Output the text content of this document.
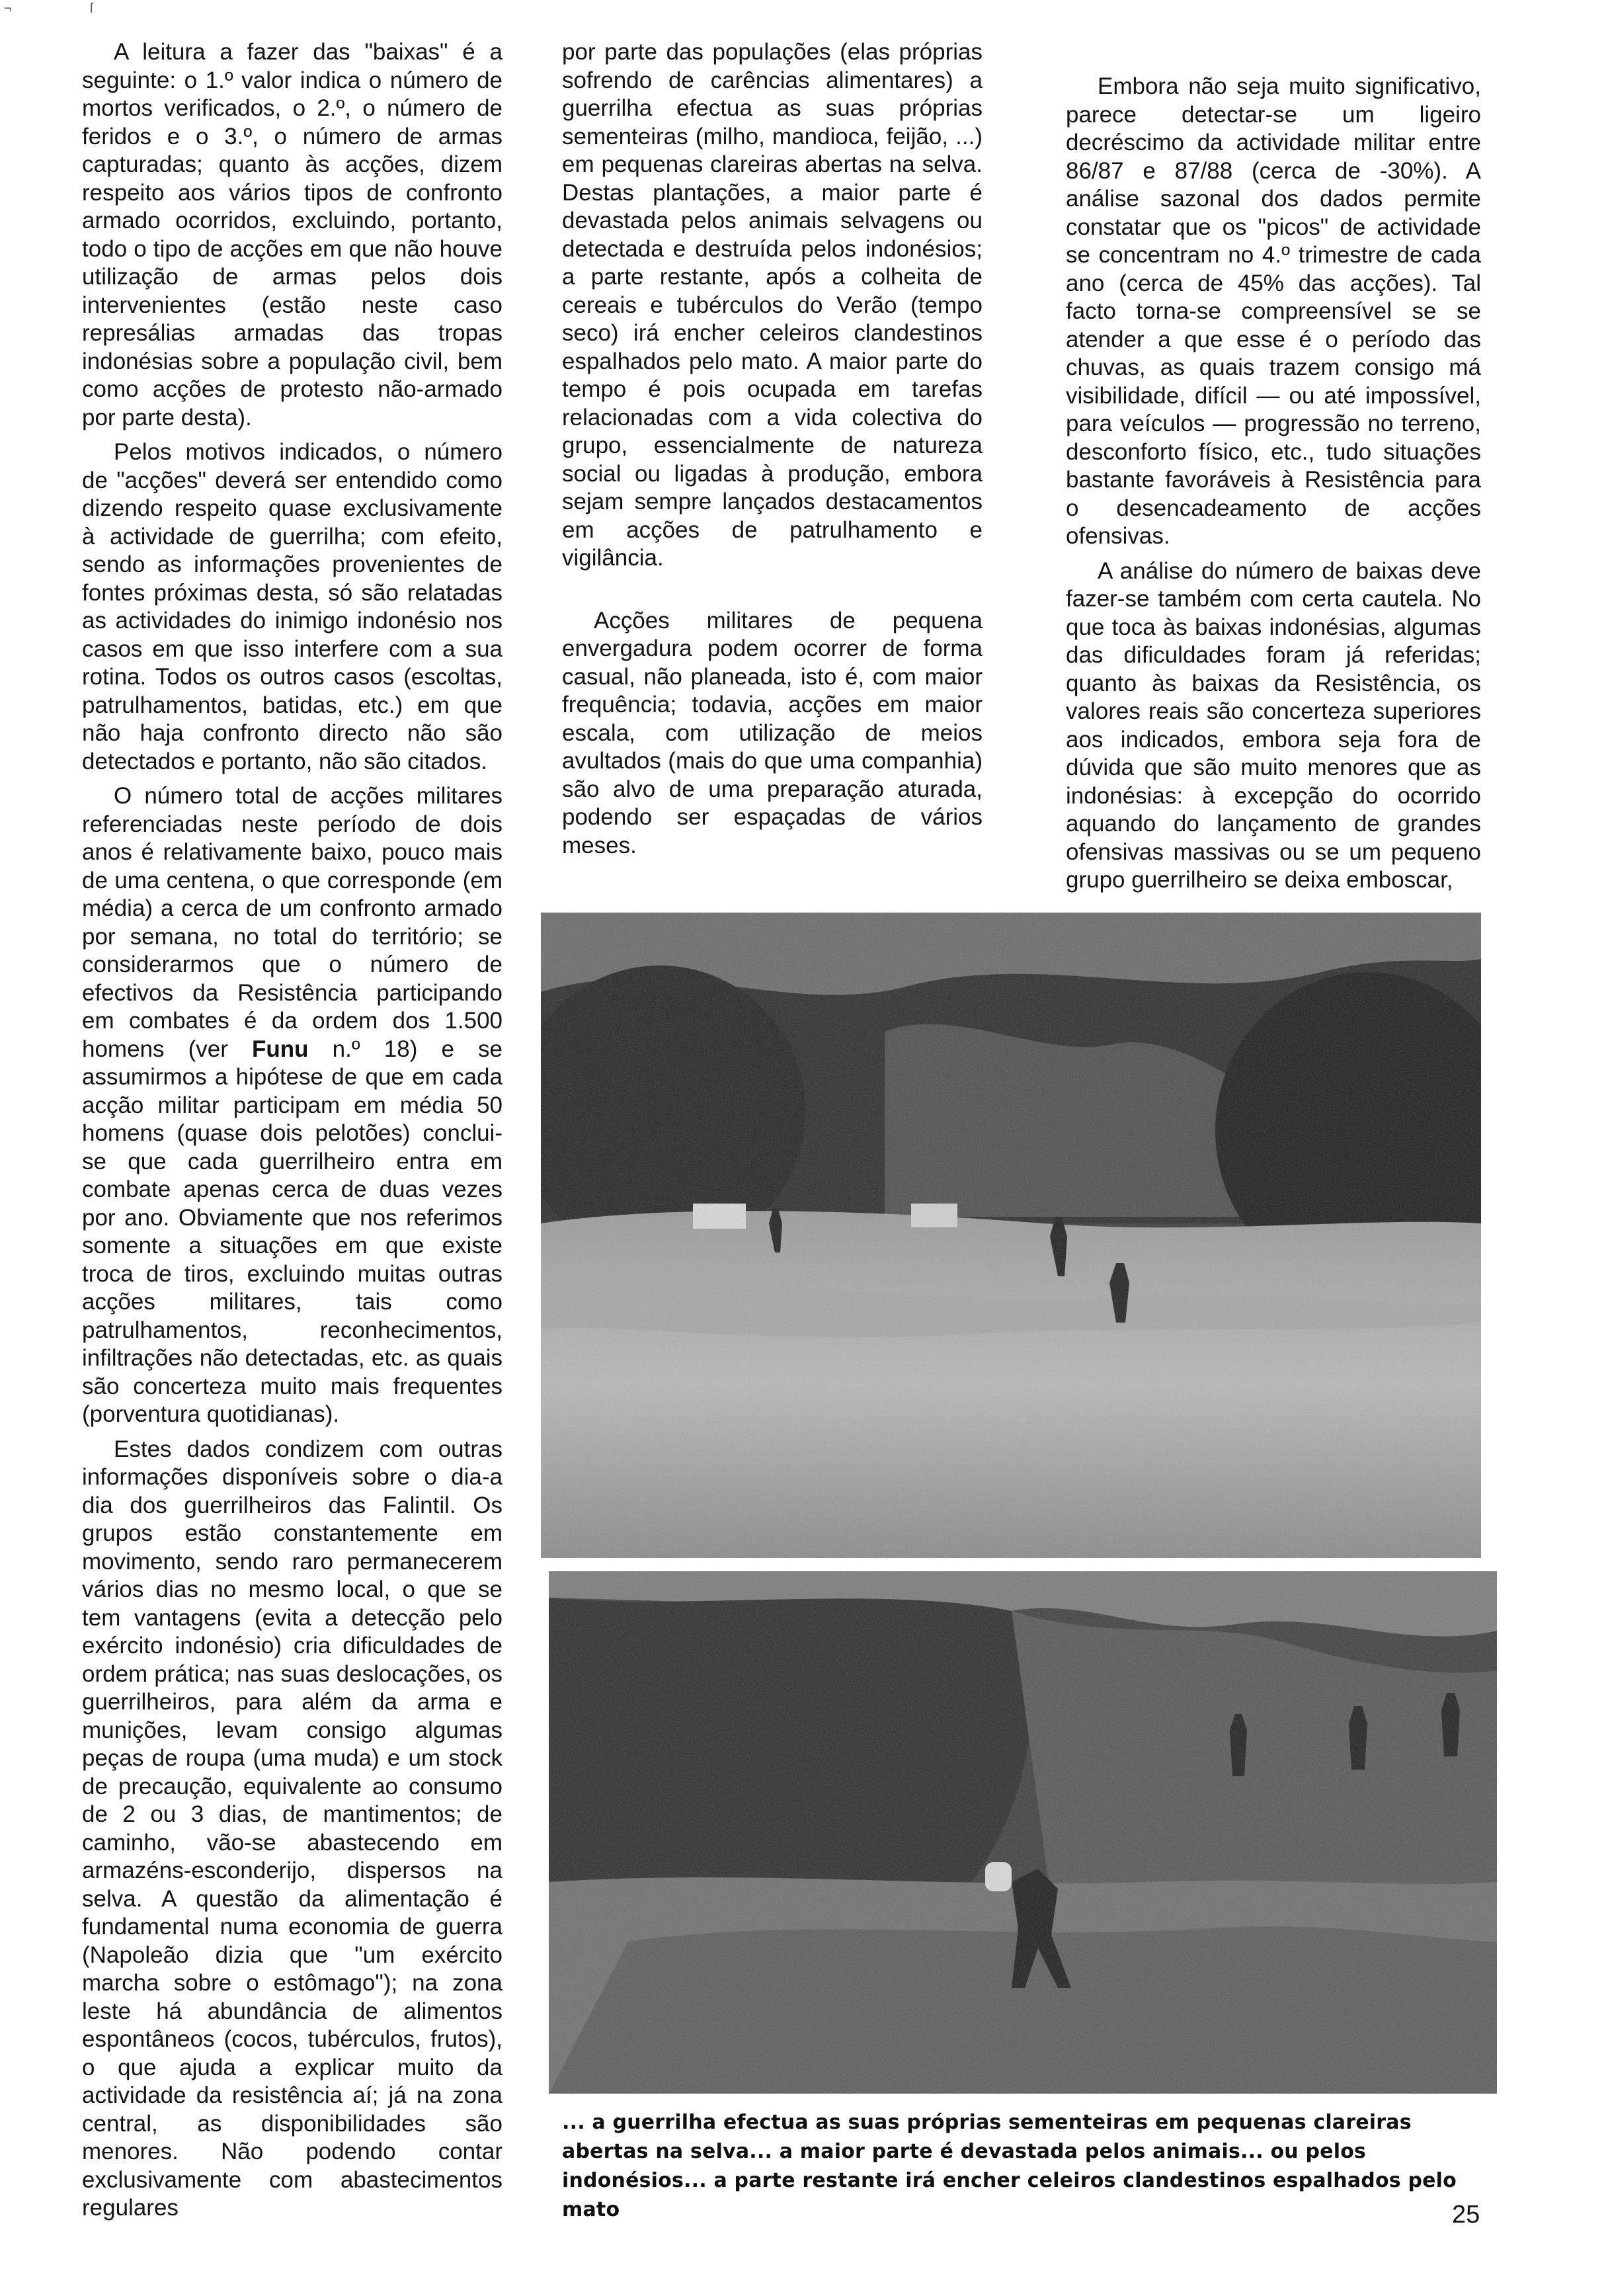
¬	ſ

A leitura a fazer das "baixas" é a seguinte: o 1.º valor indica o número de mortos verificados, o 2.º, o número de feridos e o 3.º, o número de armas capturadas; quanto às acções, dizem respeito aos vários tipos de confronto armado ocorridos, excluindo, portanto, todo o tipo de acções em que não houve utilização de armas pelos dois intervenientes (estão neste caso represálias armadas das tropas indonésias sobre a população civil, bem como acções de protesto não-armado por parte desta).

Pelos motivos indicados, o número de "acções" deverá ser entendido como dizendo respeito quase exclusivamente à actividade de guerrilha; com efeito, sendo as informações provenientes de fontes próximas desta, só são relatadas as actividades do inimigo indonésio nos casos em que isso interfere com a sua rotina. Todos os outros casos (escoltas, patrulhamentos, batidas, etc.) em que não haja confronto directo não são detectados e portanto, não são citados.

O número total de acções militares referenciadas neste período de dois anos é relativamente baixo, pouco mais de uma centena, o que corresponde (em média) a cerca de um confronto armado por semana, no total do território; se considerarmos que o número de efectivos da Resistência participando em combates é da ordem dos 1.500 homens (ver Funu n.º 18) e se assumirmos a hipótese de que em cada acção militar participam em média 50 homens (quase dois pelotões) conclui-se que cada guerrilheiro entra em combate apenas cerca de duas vezes por ano. Obviamente que nos referimos somente a situações em que existe troca de tiros, excluindo muitas outras acções militares, tais como patrulhamentos, reconhecimentos, infiltrações não detectadas, etc. as quais são concerteza muito mais frequentes (porventura quotidianas).

Estes dados condizem com outras informações disponíveis sobre o dia-a dia dos guerrilheiros das Falintil. Os grupos estão constantemente em movimento, sendo raro permanecerem vários dias no mesmo local, o que se tem vantagens (evita a detecção pelo exército indonésio) cria dificuldades de ordem prática; nas suas deslocações, os guerrilheiros, para além da arma e munições, levam consigo algumas peças de roupa (uma muda) e um stock de precaução, equivalente ao consumo de 2 ou 3 dias, de mantimentos; de caminho, vão-se abastecendo em armazéns-esconderijo, dispersos na selva. A questão da alimentação é fundamental numa economia de guerra (Napoleão dizia que "um exército marcha sobre o estômago"); na zona leste há abundância de alimentos espontâneos (cocos, tubérculos, frutos), o que ajuda a explicar muito da actividade da resistência aí; já na zona central, as disponibilidades são menores. Não podendo contar exclusivamente com abastecimentos regulares

por parte das populações (elas próprias sofrendo de carências alimentares) a guerrilha efectua as suas próprias sementeiras (milho, mandioca, feijão, ...) em pequenas clareiras abertas na selva. Destas plantações, a maior parte é devastada pelos animais selvagens ou detectada e destruída pelos indonésios; a parte restante, após a colheita de cereais e tubérculos do Verão (tempo seco) irá encher celeiros clandestinos espalhados pelo mato. A maior parte do tempo é pois ocupada em tarefas relacionadas com a vida colectiva do grupo, essencialmente de natureza social ou ligadas à produção, embora sejam sempre lançados destacamentos em acções de patrulhamento e vigilância.

Acções militares de pequena envergadura podem ocorrer de forma casual, não planeada, isto é, com maior frequência; todavia, acções em maior escala, com utilização de meios avultados (mais do que uma companhia) são alvo de uma preparação aturada, podendo ser espaçadas de vários meses.

Embora não seja muito significativo, parece detectar-se um ligeiro decréscimo da actividade militar entre 86/87 e 87/88 (cerca de -30%). A análise sazonal dos dados permite constatar que os "picos" de actividade se concentram no 4.º trimestre de cada ano (cerca de 45% das acções). Tal facto torna-se compreensível se se atender a que esse é o período das chuvas, as quais trazem consigo má visibilidade, difícil — ou até impossível, para veículos — progressão no terreno, desconforto físico, etc., tudo situações bastante favoráveis à Resistência para o desencadeamento de acções ofensivas.

A análise do número de baixas deve fazer-se também com certa cautela. No que toca às baixas indonésias, algumas das dificuldades foram já referidas; quanto às baixas da Resistência, os valores reais são concerteza superiores aos indicados, embora seja fora de dúvida que são muito menores que as indonésias: à excepção do ocorrido aquando do lançamento de grandes ofensivas massivas ou se um pequeno grupo guerrilheiro se deixa emboscar,

... a guerrilha efectua as suas próprias sementeiras em pequenas clareiras abertas na selva... a maior parte é devastada pelos animais... ou pelos indonésios... a parte restante irá encher celeiros clandestinos espalhados pelo mato	25
